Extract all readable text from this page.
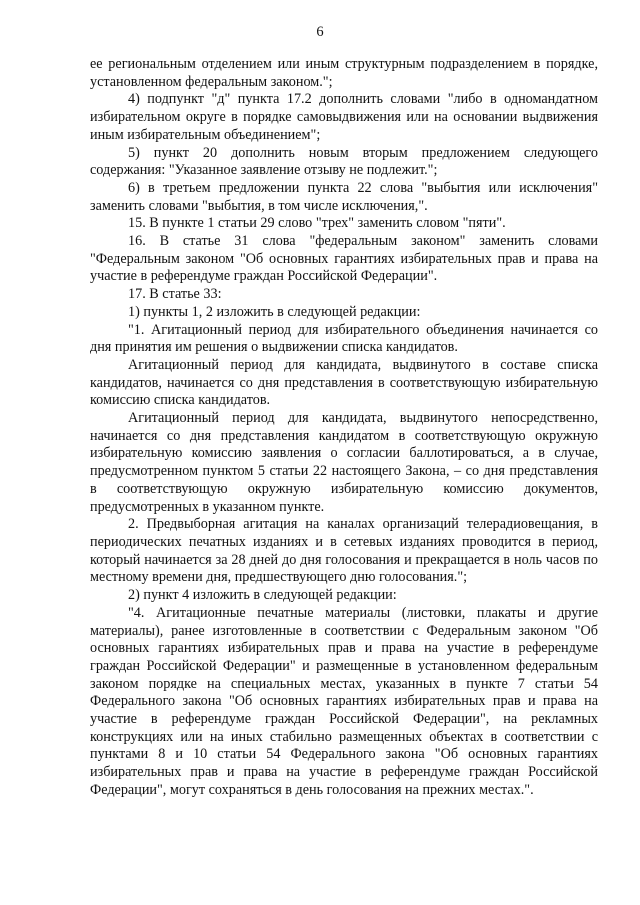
6

ее региональным отделением или иным структурным подразделением в порядке, установленном федеральным законом.";

4) подпункт "д" пункта 17.2 дополнить словами "либо в одномандатном избирательном округе в порядке самовыдвижения или на основании выдвижения иным избирательным объединением";

5) пункт 20 дополнить новым вторым предложением следующего содержания: "Указанное заявление отзыву не подлежит.";

6) в третьем предложении пункта 22 слова "выбытия или исключения" заменить словами "выбытия, в том числе исключения,".

15. В пункте 1 статьи 29 слово "трех" заменить словом "пяти".

16. В статье 31 слова "федеральным законом" заменить словами "Федеральным законом "Об основных гарантиях избирательных прав и права на участие в референдуме граждан Российской Федерации".

17. В статье 33:

1) пункты 1, 2 изложить в следующей редакции:

"1. Агитационный период для избирательного объединения начинается со дня принятия им решения о выдвижении списка кандидатов.

Агитационный период для кандидата, выдвинутого в составе списка кандидатов, начинается со дня представления в соответствующую избирательную комиссию списка кандидатов.

Агитационный период для кандидата, выдвинутого непосредственно, начинается со дня представления кандидатом в соответствующую окружную избирательную комиссию заявления о согласии баллотироваться, а в случае, предусмотренном пунктом 5 статьи 22 настоящего Закона, – со дня представления в соответствующую окружную избирательную комиссию документов, предусмотренных в указанном пункте.

2. Предвыборная агитация на каналах организаций телерадиовещания, в периодических печатных изданиях и в сетевых изданиях проводится в период, который начинается за 28 дней до дня голосования и прекращается в ноль часов по местному времени дня, предшествующего дню голосования.";

2) пункт 4 изложить в следующей редакции:

"4. Агитационные печатные материалы (листовки, плакаты и другие материалы), ранее изготовленные в соответствии с Федеральным законом "Об основных гарантиях избирательных прав и права на участие в референдуме граждан Российской Федерации" и размещенные в установленном федеральным законом порядке на специальных местах, указанных в пункте 7 статьи 54 Федерального закона "Об основных гарантиях избирательных прав и права на участие в референдуме граждан Российской Федерации", на рекламных конструкциях или на иных стабильно размещенных объектах в соответствии с пунктами 8 и 10 статьи 54 Федерального закона "Об основных гарантиях избирательных прав и права на участие в референдуме граждан Российской Федерации", могут сохраняться в день голосования на прежних местах.".
